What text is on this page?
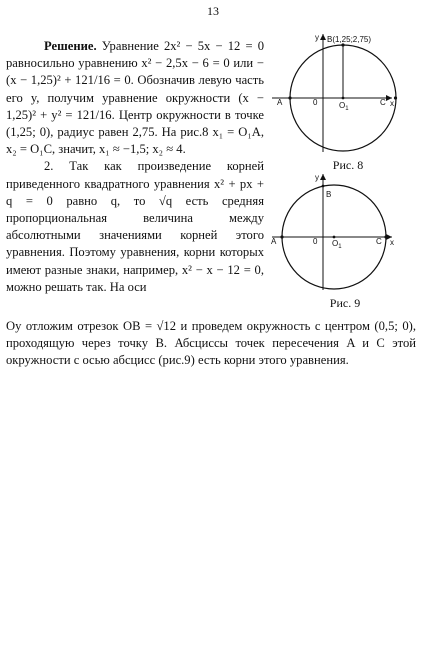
13

Решение. Уравнение 2x² − 5x − 12 = 0 равносильно уравнению x² − 2,5x − 6 = 0 или −(x − 1,25)² + 121/16 = 0. Обозначив левую часть его y, получим уравнение окружности (x − 1,25)² + y² = 121/16. Центр окружности в точке (1,25; 0), радиус равен 2,75. На рис.8 x₁ = O₁A, x₂ = O₁C, значит, x₁ ≈ −1,5; x₂ ≈ 4.

2. Так как произведение корней приведенного квадратного уравнения x² + px + q = 0 равно q, то √q есть средняя пропорциональная величина между абсолютными значениями корней этого уравнения. Поэтому уравнения, корни которых имеют разные знаки, например, x² − x − 12 = 0, можно решать так. На оси

Oy отложим отрезок OB = √12 и проведем окружность с центром (0,5; 0), проходящую через точку B. Абсциссы точек пересечения A и C этой окружности с осью абсцисс (рис.9) есть корни этого уравнения.
y B(1,25;2,75)
A	0	$O_1$
C x
Рис. 8
y
B
A	0 $O_1$
C x
Рис. 9
